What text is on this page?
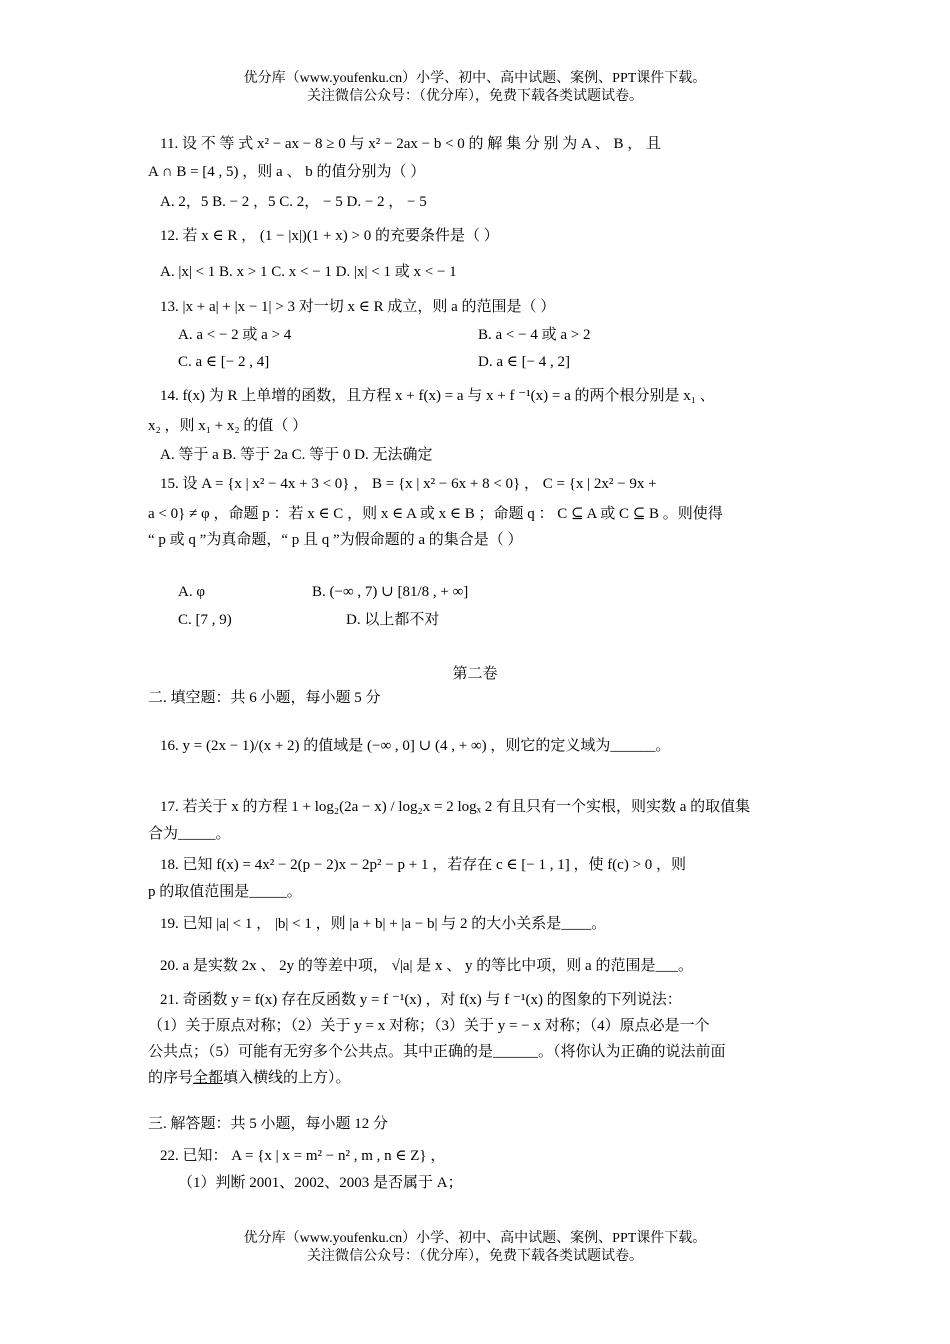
优分库（www.youfenku.cn）小学、初中、高中试题、案例、PPT课件下载。
关注微信公众号：（优分库），免费下载各类试题试卷。
11. 设 不 等 式 x² − ax − 8 ≥ 0 与 x² − 2ax − b < 0 的 解 集 分 别 为 A 、 B ， 且
A ∩ B = [4 , 5) ，则 a 、 b 的值分别为（ ）
A. 2，5 B. − 2 ，5 C. 2， − 5 D. − 2 ， − 5
12. 若 x ∈ R ， (1 − |x|)(1 + x) > 0 的充要条件是（ ）
A. |x| < 1 B. x > 1 C. x < − 1 D. |x| < 1 或 x < − 1
13. |x + a| + |x − 1| > 3 对一切 x ∈ R 成立，则 a 的范围是（ ）
A. a < − 2 或 a > 4	B. a < − 4 或 a > 2
C. a ∈ [− 2 , 4]	D. a ∈ [− 4 , 2]
14. f(x) 为 R 上单增的函数，且方程 x + f(x) = a 与 x + f ⁻¹(x) = a 的两个根分别是 x₁ 、
x₂ ，则 x₁ + x₂ 的值（ ）
A. 等于 a B. 等于 2a C. 等于 0 D. 无法确定
15. 设 A = {x | x² − 4x + 3 < 0} ， B = {x | x² − 6x + 8 < 0} ， C = {x | 2x² − 9x +
a < 0} ≠ φ ，命题 p ：若 x ∈ C ，则 x ∈ A 或 x ∈ B ；命题 q ： C ⊆ A 或 C ⊆ B 。则使得
“ p 或 q ”为真命题，“ p 且 q ”为假命题的 a 的集合是（ ）
A. φ	B. (−∞ , 7) ∪ [81/8 , + ∞]
C. [7 , 9)	D. 以上都不对
第二卷
二. 填空题：共 6 小题，每小题 5 分
16. y = (2x − 1)/(x + 2) 的值域是 (−∞ , 0] ∪ (4 , + ∞) ，则它的定义域为______。
17. 若关于 x 的方程 1 + log₂(2a − x) / log₂x = 2 logₓ 2 有且只有一个实根，则实数 a 的取值集
合为_____。
18. 已知 f(x) = 4x² − 2(p − 2)x − 2p² − p + 1 ，若存在 c ∈ [− 1 , 1] ，使 f(c) > 0 ，则
p 的取值范围是_____。
19. 已知 |a| < 1 ， |b| < 1 ，则 |a + b| + |a − b| 与 2 的大小关系是____。
20. a 是实数 2x 、 2y 的等差中项， √|a| 是 x 、 y 的等比中项，则 a 的范围是___。
21. 奇函数 y = f(x) 存在反函数 y = f ⁻¹(x) ，对 f(x) 与 f ⁻¹(x) 的图象的下列说法：
（1）关于原点对称；（2）关于 y = x 对称；（3）关于 y = − x 对称；（4）原点必是一个
公共点；（5）可能有无穷多个公共点。其中正确的是______。（将你认为正确的说法前面
的序号全都填入横线的上方）。
三. 解答题：共 5 小题，每小题 12 分
22. 已知： A = {x | x = m² − n² , m , n ∈ Z} ，
（1）判断 2001、2002、2003 是否属于 A；
优分库（www.youfenku.cn）小学、初中、高中试题、案例、PPT课件下载。
关注微信公众号：（优分库），免费下载各类试题试卷。
